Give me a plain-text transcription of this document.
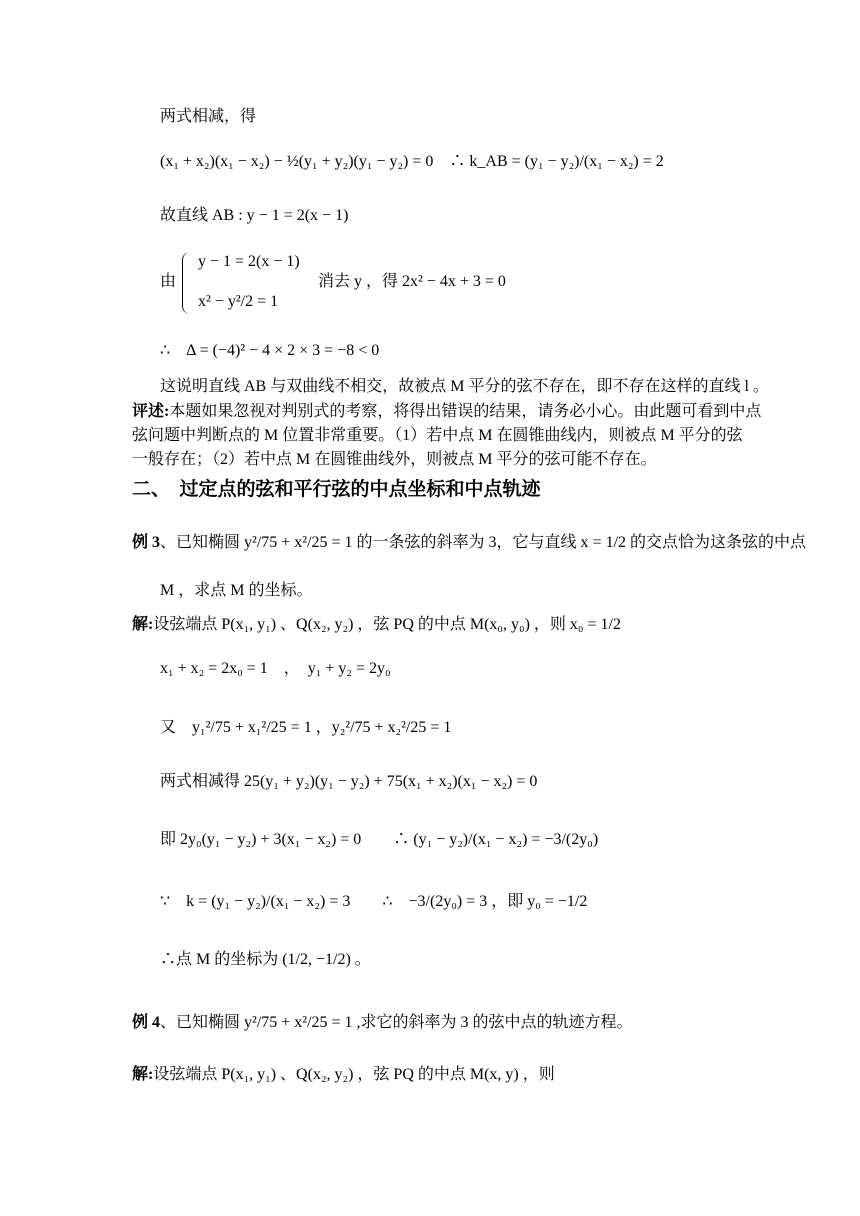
两式相减，得
(x₁ + x₂)(x₁ − x₂) − ½(y₁ + y₂)(y₁ − y₂) = 0　∴ k_AB = (y₁ − y₂)/(x₁ − x₂) = 2
故直线 AB : y − 1 = 2(x − 1)
由
y − 1 = 2(x − 1)
x² − y²/2 = 1
消去 y ，得 2x² − 4x + 3 = 0
∴　Δ = (−4)² − 4 × 2 × 3 = −8 < 0
这说明直线 AB 与双曲线不相交，故被点 M 平分的弦不存在，即不存在这样的直线 l 。
评述:本题如果忽视对判别式的考察，将得出错误的结果，请务必小心。由此题可看到中点
弦问题中判断点的 M 位置非常重要。（1）若中点 M 在圆锥曲线内，则被点 M 平分的弦
一般存在；（2）若中点 M 在圆锥曲线外，则被点 M 平分的弦可能不存在。
二、　过定点的弦和平行弦的中点坐标和中点轨迹
例 3、已知椭圆 y²/75 + x²/25 = 1 的一条弦的斜率为 3，它与直线 x = 1/2 的交点恰为这条弦的中点
M ，求点 M 的坐标。
解:设弦端点 P(x₁, y₁) 、Q(x₂, y₂) ，弦 PQ 的中点 M(x₀, y₀) ，则 x₀ = 1/2
x₁ + x₂ = 2x₀ = 1　，　y₁ + y₂ = 2y₀
又　y₁²/75 + x₁²/25 = 1 ，y₂²/75 + x₂²/25 = 1
两式相减得 25(y₁ + y₂)(y₁ − y₂) + 75(x₁ + x₂)(x₁ − x₂) = 0
即 2y₀(y₁ − y₂) + 3(x₁ − x₂) = 0　　∴ (y₁ − y₂)/(x₁ − x₂) = −3/(2y₀)
∵　k = (y₁ − y₂)/(x₁ − x₂) = 3　　∴　−3/(2y₀) = 3 ，即 y₀ = −1/2
∴点 M 的坐标为 (1/2, −1/2) 。
例 4、已知椭圆 y²/75 + x²/25 = 1 ,求它的斜率为 3 的弦中点的轨迹方程。
解:设弦端点 P(x₁, y₁) 、Q(x₂, y₂) ，弦 PQ 的中点 M(x, y) ，则
